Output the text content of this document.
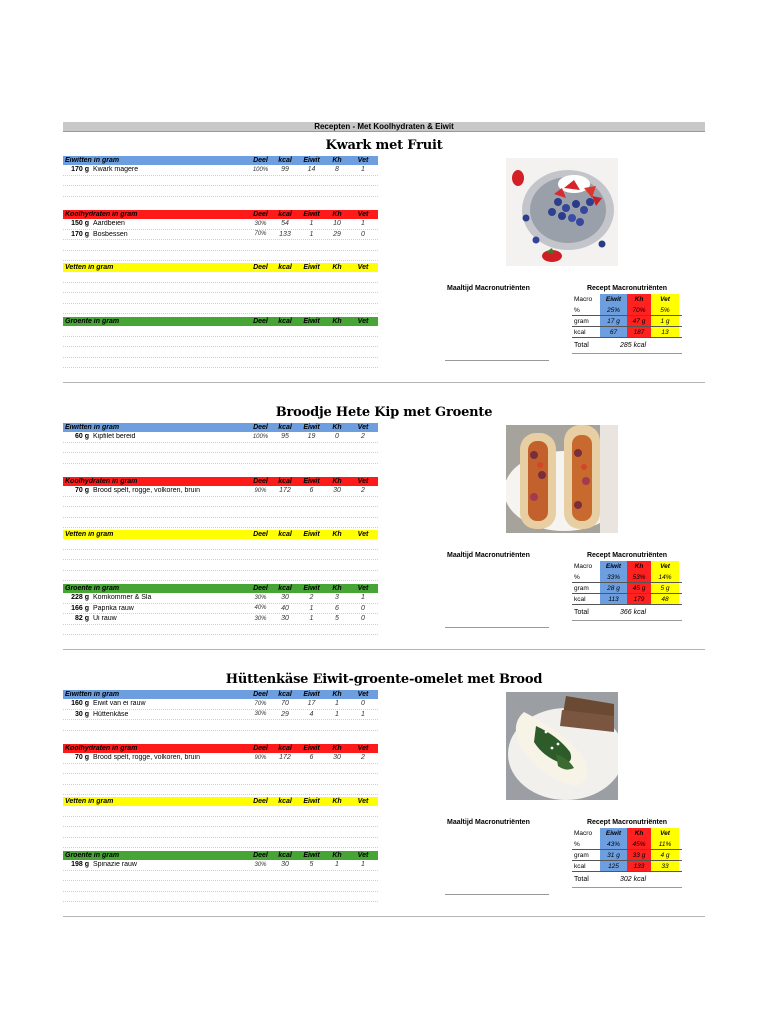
Recepten - Met Koolhydraten & Eiwit
Kwark met Fruit
Eiwitten in gram	Deel	kcal	Eiwit	Kh	Vet
170 g Kwark magere	100%	99	14	8	1
Koolhydraten in gram	Deel	kcal	Eiwit	Kh	Vet
150 g Aardbeien	30%	54	1	10	1
170 g Bosbessen	70%	133	1	29	0
Vetten in gram	Deel	kcal	Eiwit	Kh	Vet
Groente in gram	Deel	kcal	Eiwit	Kh	Vet
Maaltijd Macronutriënten	Recept Macronutriënten
Macro	Eiwit	Kh	Vet
%	25%	70%	5%
gram	17 g	47 g	1 g
kcal	67	187	13
Total	285 kcal
Broodje Hete Kip met Groente
Eiwitten in gram	Deel	kcal	Eiwit	Kh	Vet
60 g Kipfilet bereid	100%	95	19	0	2
Koolhydraten in gram	Deel	kcal	Eiwit	Kh	Vet
70 g Brood spelt, rogge, volkoren, bruin	90%	172	6	30	2
Vetten in gram	Deel	kcal	Eiwit	Kh	Vet
Groente in gram	Deel	kcal	Eiwit	Kh	Vet
228 g Komkommer & Sla	30%	30	2	3	1
166 g Paprika rauw	40%	40	1	6	0
82 g Ui rauw	30%	30	1	5	0
Maaltijd Macronutriënten	Recept Macronutriënten
Macro	Eiwit	Kh	Vet
%	33%	53%	14%
gram	28 g	45 g	5 g
kcal	113	179	48
Total	366 kcal
Hüttenkäse Eiwit-groente-omelet met Brood
Eiwitten in gram	Deel	kcal	Eiwit	Kh	Vet
160 g Eiwit van ei rauw	70%	70	17	1	0
30 g Hüttenkäse	30%	29	4	1	1
Koolhydraten in gram	Deel	kcal	Eiwit	Kh	Vet
70 g Brood spelt, rogge, volkoren, bruin	90%	172	6	30	2
Vetten in gram	Deel	kcal	Eiwit	Kh	Vet
Groente in gram	Deel	kcal	Eiwit	Kh	Vet
198 g Spinazie rauw	30%	30	5	1	1
Maaltijd Macronutriënten	Recept Macronutriënten
Macro	Eiwit	Kh	Vet
%	43%	45%	11%
gram	31 g	33 g	4 g
kcal	125	133	33
Total	302 kcal
